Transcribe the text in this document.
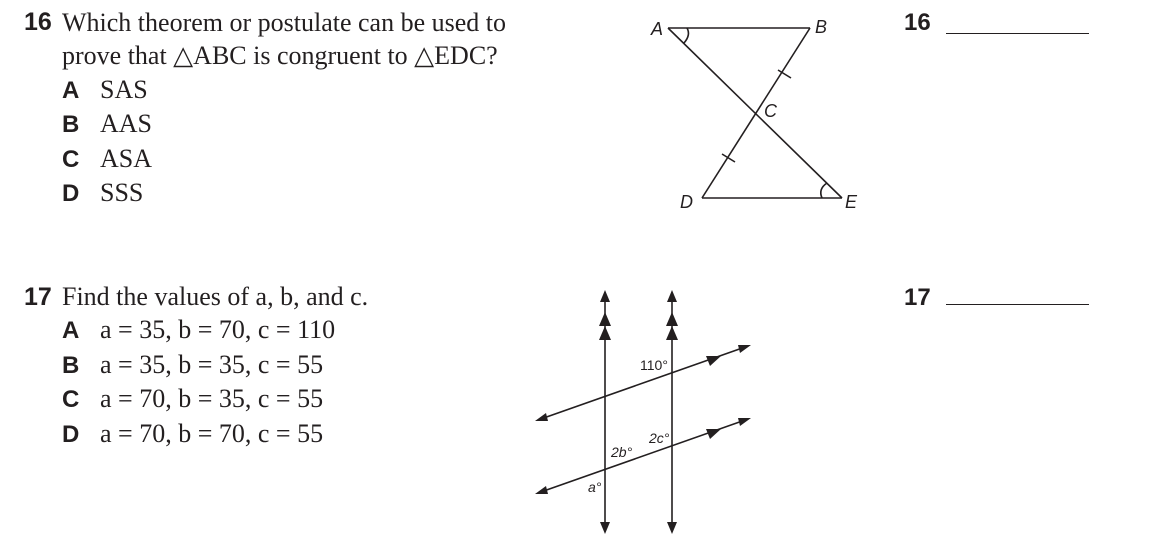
16 Which theorem or postulate can be used to
prove that △ABC is congruent to △EDC?
A SAS
B AAS
C ASA
D SSS
16
A	B
C
D	E
17 Find the values of a, b, and c.
A a = 35, b = 70, c = 110
B a = 35, b = 35, c = 55
C a = 70, b = 35, c = 55
D a = 70, b = 70, c = 55
17
110°
2c°
2b°
a°
